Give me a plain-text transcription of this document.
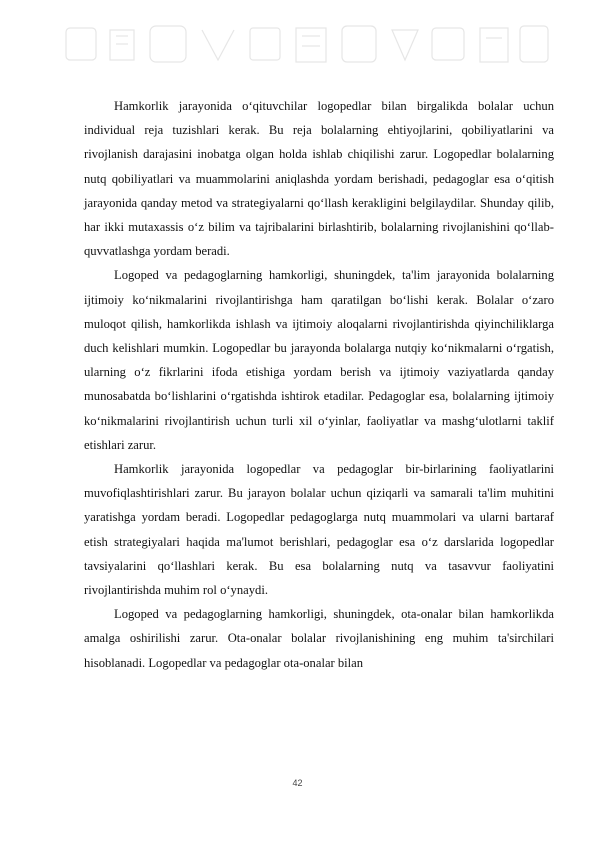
Hamkorlik jarayonida o‘qituvchilar logopedlar bilan birgalikda bolalar uchun individual reja tuzishlari kerak. Bu reja bolalarning ehtiyojlarini, qobiliyatlarini va rivojlanish darajasini inobatga olgan holda ishlab chiqilishi zarur. Logopedlar bolalarning nutq qobiliyatlari va muammolarini aniqlashda yordam berishadi, pedagoglar esa o‘qitish jarayonida qanday metod va strategiyalarni qo‘llash kerakligini belgilaydilar. Shunday qilib, har ikki mutaxassis o‘z bilim va tajribalarini birlashtirib, bolalarning rivojlanishini qo‘llab-quvvatlashga yordam beradi.

Logoped va pedagoglarning hamkorligi, shuningdek, ta'lim jarayonida bolalarning ijtimoiy ko‘nikmalarini rivojlantirishga ham qaratilgan bo‘lishi kerak. Bolalar o‘zaro muloqot qilish, hamkorlikda ishlash va ijtimoiy aloqalarni rivojlantirishda qiyinchiliklarga duch kelishlari mumkin. Logopedlar bu jarayonda bolalarga nutqiy ko‘nikmalarni o‘rgatish, ularning o‘z fikrlarini ifoda etishiga yordam berish va ijtimoiy vaziyatlarda qanday munosabatda bo‘lishlarini o‘rgatishda ishtirok etadilar. Pedagoglar esa, bolalarning ijtimoiy ko‘nikmalarini rivojlantirish uchun turli xil o‘yinlar, faoliyatlar va mashg‘ulotlarni taklif etishlari zarur.

Hamkorlik jarayonida logopedlar va pedagoglar bir-birlarining faoliyatlarini muvofiqlashtirishlari zarur. Bu jarayon bolalar uchun qiziqarli va samarali ta'lim muhitini yaratishga yordam beradi. Logopedlar pedagoglarga nutq muammolari va ularni bartaraf etish strategiyalari haqida ma'lumot berishlari, pedagoglar esa o‘z darslarida logopedlar tavsiyalarini qo‘llashlari kerak. Bu esa bolalarning nutq va tasavvur faoliyatini rivojlantirishda muhim rol o‘ynaydi.

Logoped va pedagoglarning hamkorligi, shuningdek, ota-onalar bilan hamkorlikda amalga oshirilishi zarur. Ota-onalar bolalar rivojlanishining eng muhim ta'sirchilari hisoblanadi. Logopedlar va pedagoglar ota-onalar bilan

42
